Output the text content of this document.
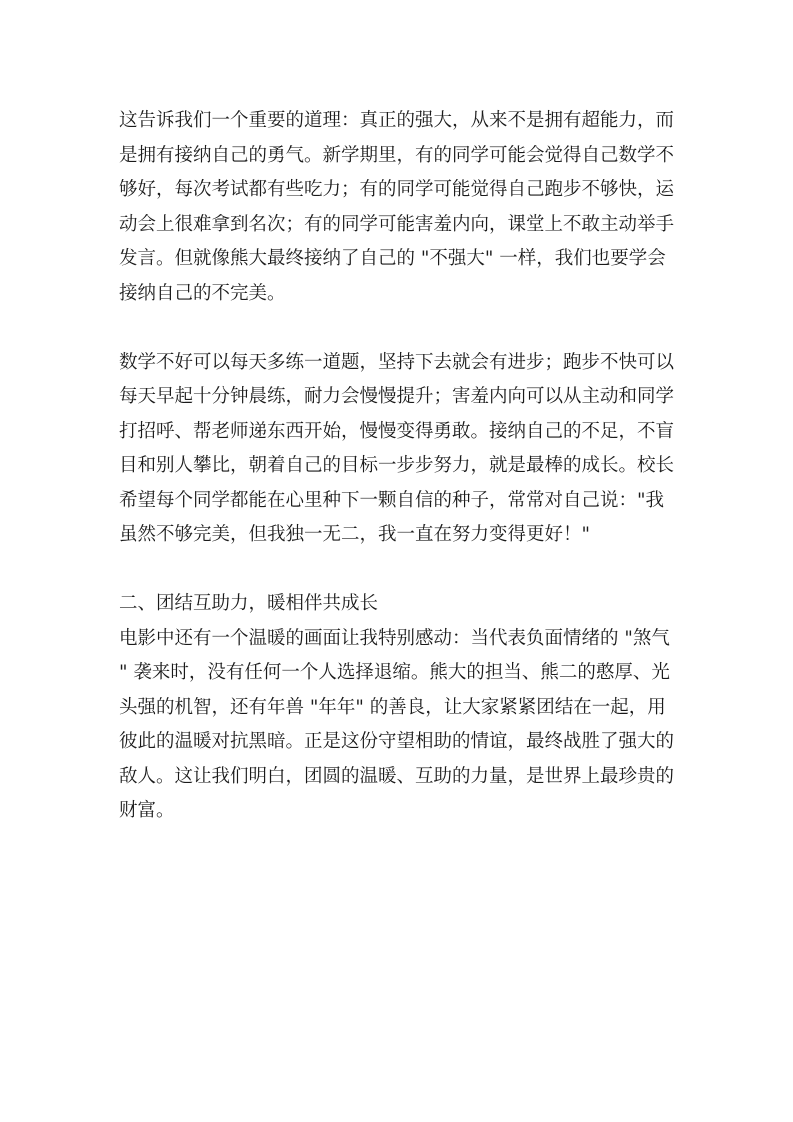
这告诉我们一个重要的道理：真正的强大，从来不是拥有超能力，而
是拥有接纳自己的勇气。新学期里，有的同学可能会觉得自己数学不
够好，每次考试都有些吃力；有的同学可能觉得自己跑步不够快，运
动会上很难拿到名次；有的同学可能害羞内向，课堂上不敢主动举手
发言。但就像熊大最终接纳了自己的 "不强大" 一样，我们也要学会
接纳自己的不完美。
数学不好可以每天多练一道题，坚持下去就会有进步；跑步不快可以
每天早起十分钟晨练，耐力会慢慢提升；害羞内向可以从主动和同学
打招呼、帮老师递东西开始，慢慢变得勇敢。接纳自己的不足，不盲
目和别人攀比，朝着自己的目标一步步努力，就是最棒的成长。校长
希望每个同学都能在心里种下一颗自信的种子，常常对自己说："我
虽然不够完美，但我独一无二，我一直在努力变得更好！"
二、团结互助力，暖相伴共成长
电影中还有一个温暖的画面让我特别感动：当代表负面情绪的 "煞气
" 袭来时，没有任何一个人选择退缩。熊大的担当、熊二的憨厚、光
头强的机智，还有年兽 "年年" 的善良，让大家紧紧团结在一起，用
彼此的温暖对抗黑暗。正是这份守望相助的情谊，最终战胜了强大的
敌人。这让我们明白，团圆的温暖、互助的力量，是世界上最珍贵的
财富。
